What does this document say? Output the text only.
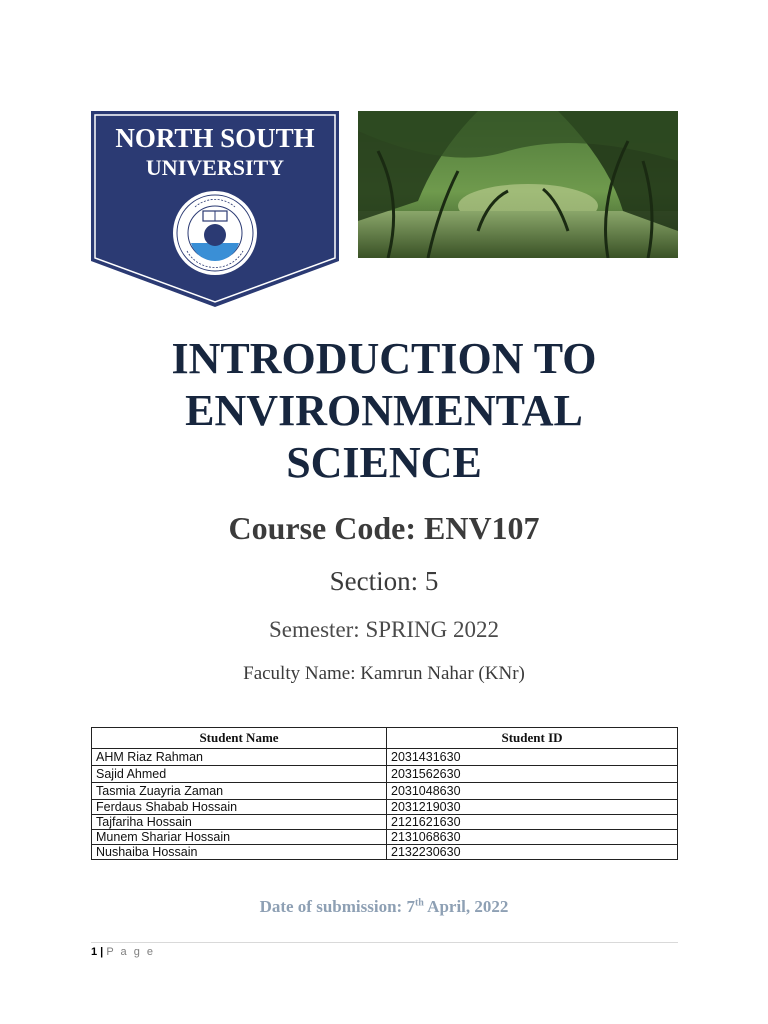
NORTH SOUTH
UNIVERSITY
INTRODUCTION TO
ENVIRONMENTAL
SCIENCE
Course Code: ENV107
Section: 5
Semester: SPRING 2022
Faculty Name: Kamrun Nahar (KNr)
Student Name	Student ID
AHM Riaz Rahman	2031431630
Sajid Ahmed	2031562630
Tasmia Zuayria Zaman	2031048630
Ferdaus Shabab Hossain	2031219030
Tajfariha Hossain	2121621630
Munem Shariar Hossain	2131068630
Nushaiba Hossain	2132230630
Date of submission: 7th April, 2022
1 | P a g e
